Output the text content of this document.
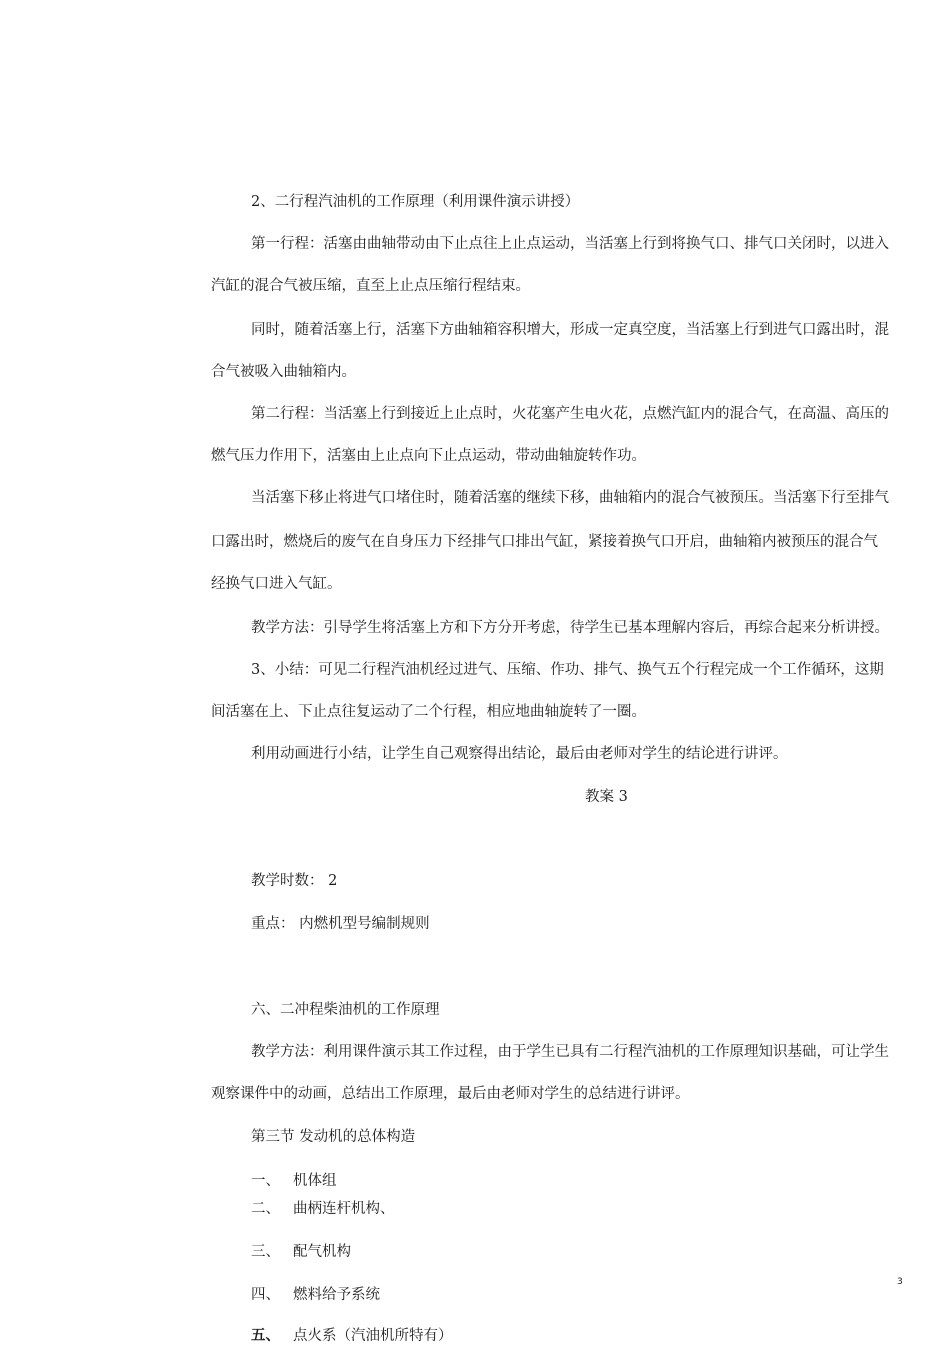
2、二行程汽油机的工作原理（利用课件演示讲授）
第一行程：活塞由曲轴带动由下止点往上止点运动，当活塞上行到将换气口、排气口关闭时，以进入
汽缸的混合气被压缩，直至上止点压缩行程结束。
同时，随着活塞上行，活塞下方曲轴箱容积增大，形成一定真空度，当活塞上行到进气口露出时，混
合气被吸入曲轴箱内。
第二行程：当活塞上行到接近上止点时，火花塞产生电火花，点燃汽缸内的混合气，在高温、高压的
燃气压力作用下，活塞由上止点向下止点运动，带动曲轴旋转作功。
当活塞下移止将进气口堵住时，随着活塞的继续下移，曲轴箱内的混合气被预压。当活塞下行至排气
口露出时，燃烧后的废气在自身压力下经排气口排出气缸，紧接着换气口开启，曲轴箱内被预压的混合气
经换气口进入气缸。
教学方法：引导学生将活塞上方和下方分开考虑，待学生已基本理解内容后，再综合起来分析讲授。
3、小结：可见二行程汽油机经过进气、压缩、作功、排气、换气五个行程完成一个工作循环，这期
间活塞在上、下止点往复运动了二个行程，相应地曲轴旋转了一圈。
利用动画进行小结，让学生自己观察得出结论，最后由老师对学生的结论进行讲评。
教案 3
教学时数： 2
重点： 内燃机型号编制规则
六、二冲程柴油机的工作原理
教学方法：利用课件演示其工作过程，由于学生已具有二行程汽油机的工作原理知识基础，可让学生
观察课件中的动画，总结出工作原理，最后由老师对学生的总结进行讲评。
第三节 发动机的总体构造
一、 机体组
二、 曲柄连杆机构、
三、 配气机构
四、 燃料给予系统
五、 点火系（汽油机所特有）
3
